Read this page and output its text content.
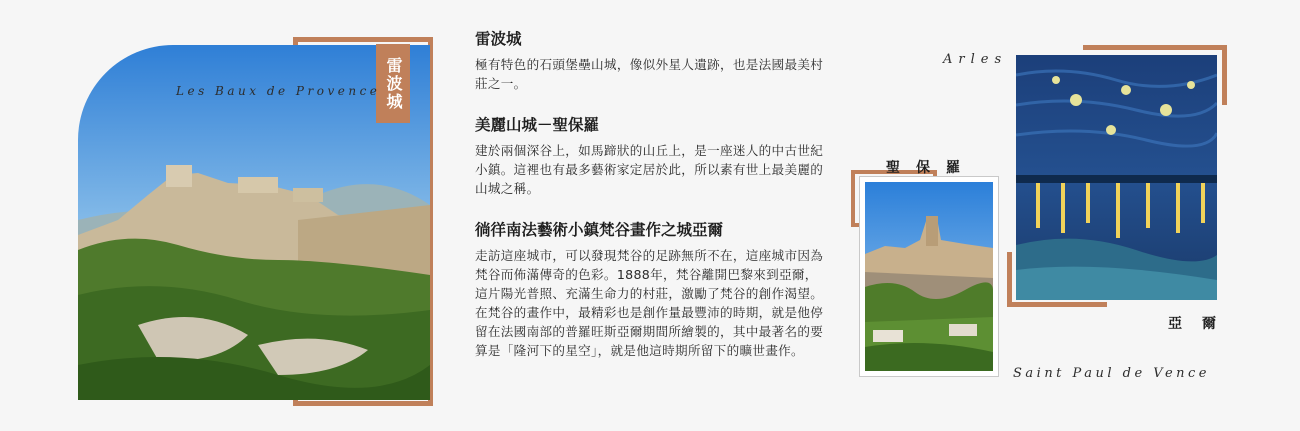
雷波城
Les Baux de Provence
雷波城

極有特色的石頭堡壘山城，像似外星人遺跡，也是法國最美村莊之一。

美麗山城－聖保羅

建於兩個深谷上，如馬蹄狀的山丘上，是一座迷人的中古世紀小鎮。這裡也有最多藝術家定居於此，所以素有世上最美麗的山城之稱。

徜徉南法藝術小鎮梵谷畫作之城亞爾

走訪這座城市，可以發現梵谷的足跡無所不在，這座城市因為梵谷而佈滿傳奇的色彩。1888年，梵谷離開巴黎來到亞爾，這片陽光普照、充滿生命力的村莊，激勵了梵谷的創作渴望。在梵谷的畫作中，最精彩也是創作量最豐沛的時期，就是他停留在法國南部的普羅旺斯亞爾期間所繪製的，其中最著名的要算是「隆河下的星空」，就是他這時期所留下的曠世畫作。

聖保羅
Saint Paul de Vence
Arles
亞爾
